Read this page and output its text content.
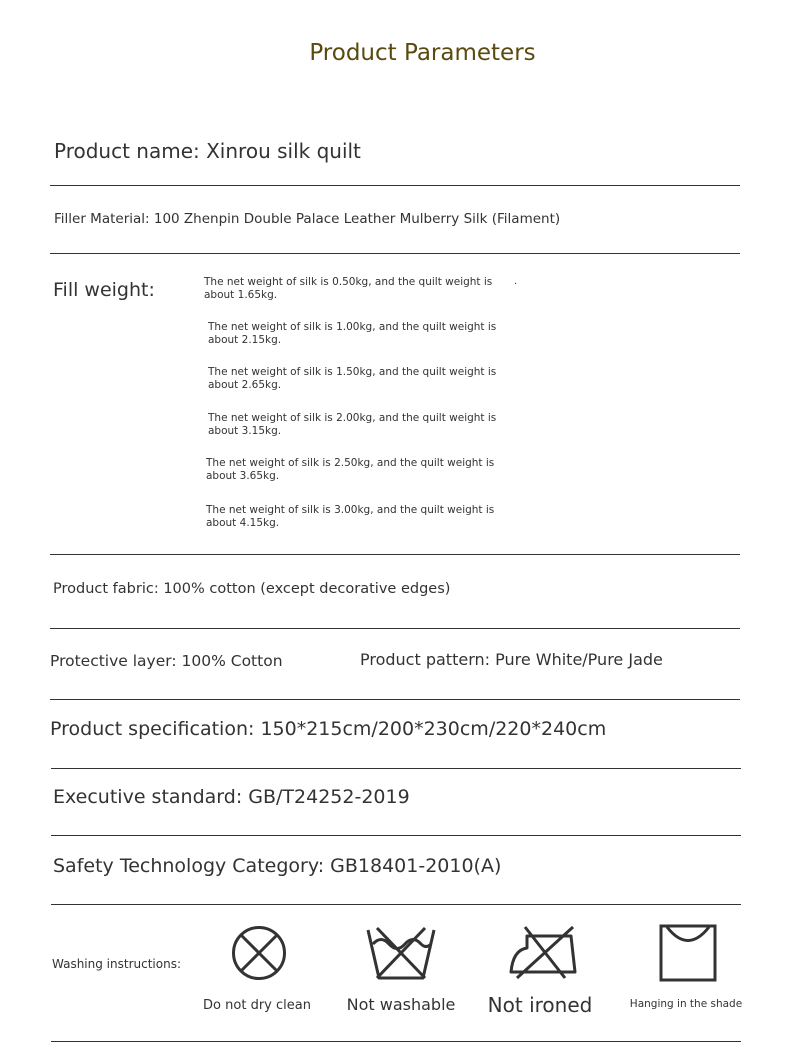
Product Parameters
Product name: Xinrou silk quilt
Filler Material: 100 Zhenpin Double Palace Leather Mulberry Silk (Filament)
Fill weight:	.
The net weight of silk is 0.50kg, and the quilt weight is about 1.65kg.
The net weight of silk is 1.00kg, and the quilt weight is about 2.15kg.
The net weight of silk is 1.50kg, and the quilt weight is about 2.65kg.
The net weight of silk is 2.00kg, and the quilt weight is about 3.15kg.
The net weight of silk is 2.50kg, and the quilt weight is about 3.65kg.
The net weight of silk is 3.00kg, and the quilt weight is about 4.15kg.
Product fabric: 100% cotton (except decorative edges)
Protective layer: 100% Cotton	Product pattern: Pure White/Pure Jade
Product specification: 150*215cm/200*230cm/220*240cm
Executive standard: GB/T24252-2019
Safety Technology Category: GB18401-2010(A)
Washing instructions:
Do not dry clean	Not washable	Not ironed	Hanging in the shade
